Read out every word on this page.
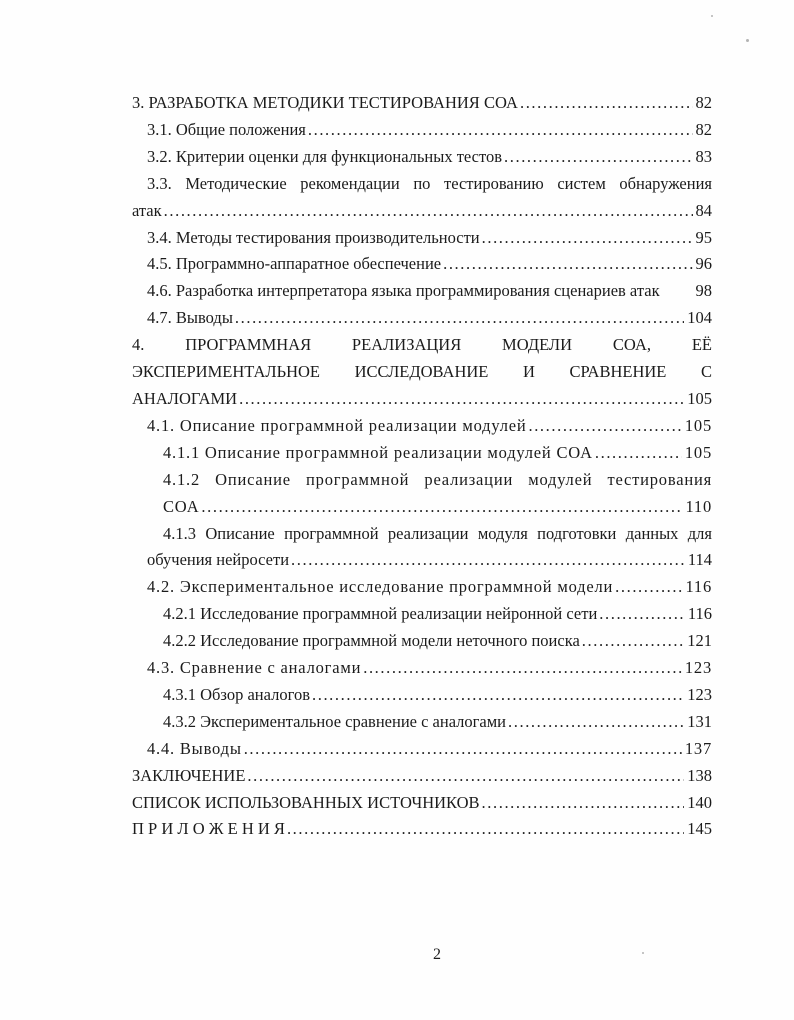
3. РАЗРАБОТКА МЕТОДИКИ ТЕСТИРОВАНИЯ СОА .....	82
3.1. Общие положения .....	82
3.2. Критерии оценки для функциональных тестов .....	83
3.3. Методические рекомендации по тестированию систем обнаружения
атак .....	84
3.4. Методы тестирования производительности .....	95
4.5. Программно-аппаратное обеспечение .....	96
4.6. Разработка интерпретатора языка программирования сценариев атак 98
4.7. Выводы .....	104
4. ПРОГРАММНАЯ РЕАЛИЗАЦИЯ МОДЕЛИ СОА, ЕЁ
ЭКСПЕРИМЕНТАЛЬНОЕ ИССЛЕДОВАНИЕ И СРАВНЕНИЕ С
АНАЛОГАМИ .....	105
4.1. Описание программной реализации модулей .....	105
4.1.1 Описание программной реализации модулей СОА .....	105
4.1.2 Описание программной реализации модулей тестирования
СОА .....	110
4.1.3 Описание программной реализации модуля подготовки данных для
обучения нейросети .....	114
4.2. Экспериментальное исследование программной модели .....	116
4.2.1 Исследование программной реализации нейронной сети .....	116
4.2.2 Исследование программной модели неточного поиска .....	121
4.3. Сравнение с аналогами .....	123
4.3.1 Обзор аналогов .....	123
4.3.2 Экспериментальное сравнение с аналогами .....	131
4.4. Выводы .....	137
ЗАКЛЮЧЕНИЕ .....	138
СПИСОК ИСПОЛЬЗОВАННЫХ ИСТОЧНИКОВ .....	140
П Р И Л О Ж Е Н И Я .....	145
2
